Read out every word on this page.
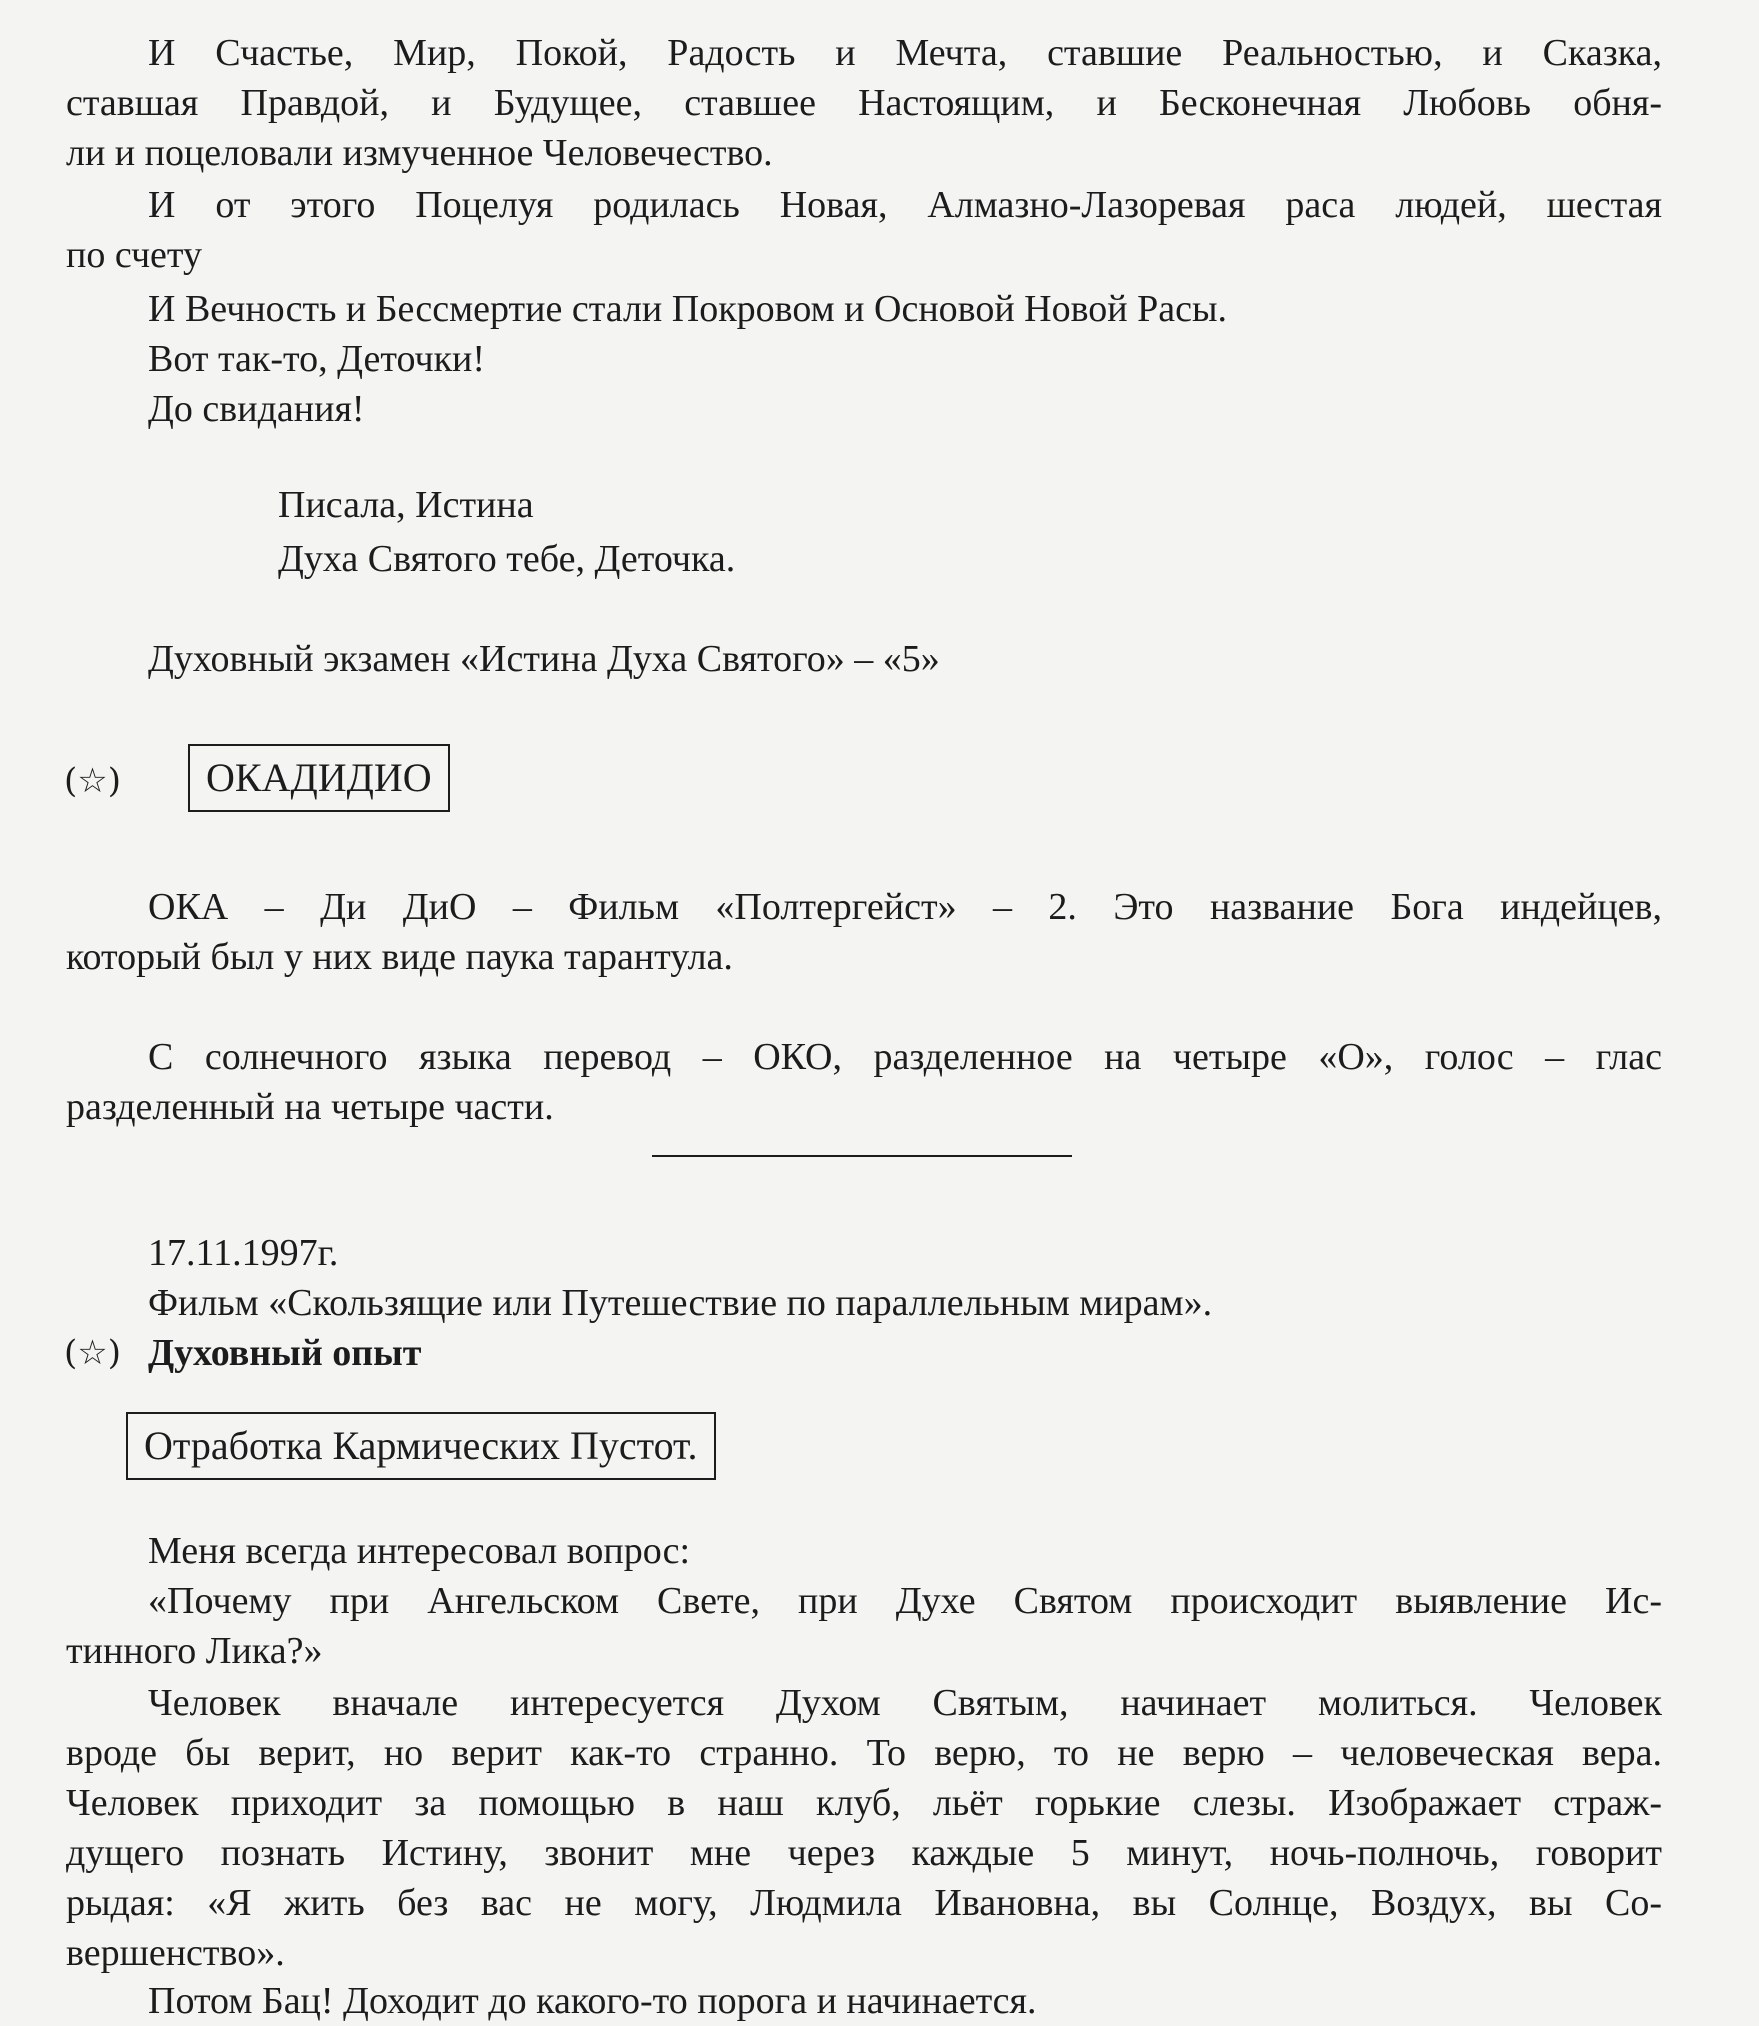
И Счастье, Мир, Покой, Радость и Мечта, ставшие Реальностью, и Сказка,
ставшая Правдой, и Будущее, ставшее Настоящим, и Бесконечная Любовь обня-
ли и поцеловали измученное Человечество.
И от этого Поцелуя родилась Новая, Алмазно-Лазоревая раса людей, шестая
по счету
И Вечность и Бессмертие стали Покровом и Основой Новой Расы.
Вот так-то, Деточки!
До свидания!
Писала, Истина
Духа Святого тебе, Деточка.
Духовный экзамен «Истина Духа Святого» – «5»
(☆)	ОКАДИДИО
ОКА – Ди ДиО – Фильм «Полтергейст» – 2. Это название Бога индейцев,
который был у них виде паука тарантула.
С солнечного языка перевод – ОКО, разделенное на четыре «О», голос – глас
разделенный на четыре части.
17.11.1997г.
Фильм «Скользящие или Путешествие по параллельным мирам».
(☆) Духовный опыт
Отработка Кармических Пустот.
Меня всегда интересовал вопрос:
«Почему при Ангельском Свете, при Духе Святом происходит выявление Ис-
тинного Лика?»
Человек вначале интересуется Духом Святым, начинает молиться. Человек
вроде бы верит, но верит как-то странно. То верю, то не верю – человеческая вера.
Человек приходит за помощью в наш клуб, льёт горькие слезы. Изображает страж-
дущего познать Истину, звонит мне через каждые 5 минут, ночь-полночь, говорит
рыдая: «Я жить без вас не могу, Людмила Ивановна, вы Солнце, Воздух, вы Со-
вершенство».
Потом Бац! Доходит до какого-то порога и начинается.
